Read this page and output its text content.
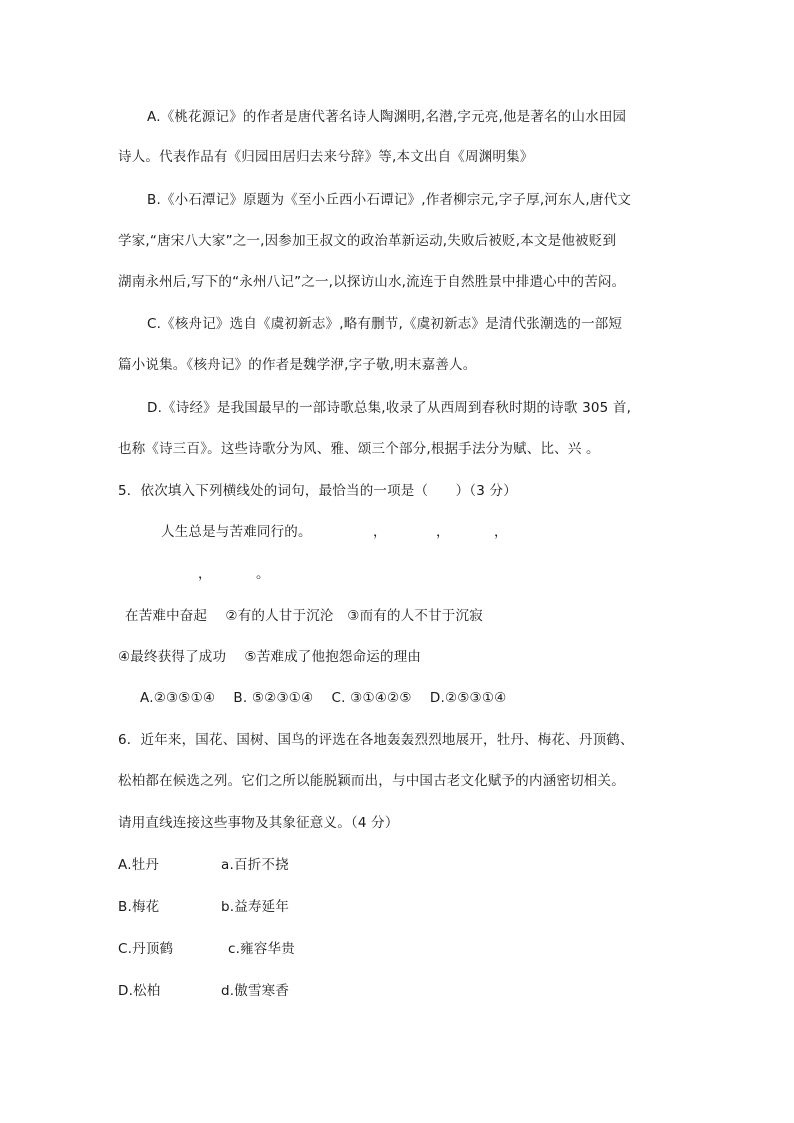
A.《桃花源记》的作者是唐代著名诗人陶渊明,名潜,字元亮,他是著名的山水田园
诗人。代表作品有《归园田居归去来兮辞》等,本文出自《周渊明集》
B.《小石潭记》原题为《至小丘西小石谭记》,作者柳宗元,字子厚,河东人,唐代文
学家,“唐宋八大家”之一,因参加王叔文的政治革新运动,失败后被贬,本文是他被贬到
湖南永州后,写下的“永州八记”之一,以探访山水,流连于自然胜景中排遣心中的苦闷。
C.《核舟记》选自《虞初新志》,略有删节,《虞初新志》是清代张潮选的一部短
篇小说集。《核舟记》的作者是魏学洢,字子敬,明末嘉善人。
D.《诗经》是我国最早的一部诗歌总集,收录了从西周到春秋时期的诗歌 305 首,
也称《诗三百》。这些诗歌分为风、雅、颂三个部分,根据手法分为赋、比、兴 。
5．依次填入下列横线处的词句，最恰当的一项是（　　）（3 分）
人生总是与苦难同行的。	，	，	，
，	。
在苦难中奋起　 ②有的人甘于沉沦　③而有的人不甘于沉寂
④最终获得了成功　 ⑤苦难成了他抱怨命运的理由
A.②③⑤①④　 B. ⑤②③①④　 C. ③①④②⑤　 D.②⑤③①④
6．近年来，国花、国树、国鸟的评选在各地轰轰烈烈地展开，牡丹、梅花、丹顶鹤、
松柏都在候选之列。它们之所以能脱颖而出，与中国古老文化赋予的内涵密切相关。
请用直线连接这些事物及其象征意义。（4 分）
A.牡丹	a.百折不挠
B.梅花	b.益寿延年
C.丹顶鹤	c.雍容华贵
D.松柏	d.傲雪寒香
